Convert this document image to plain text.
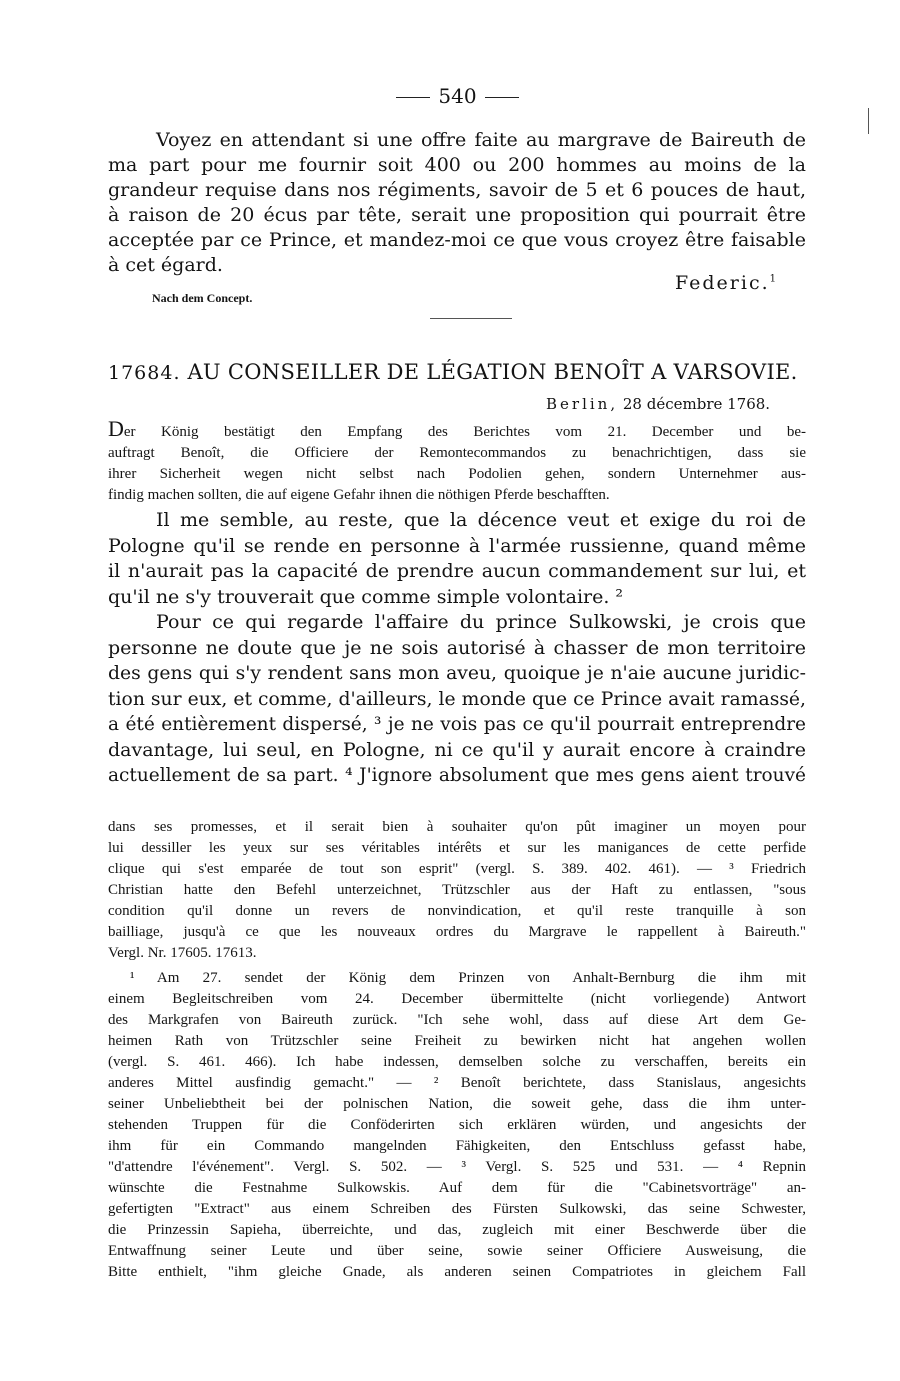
540
Voyez en attendant si une offre faite au margrave de Baireuth de
ma part pour me fournir soit 400 ou 200 hommes au moins de la
grandeur requise dans nos régiments, savoir de 5 et 6 pouces de haut,
à raison de 20 écus par tête, serait une proposition qui pourrait être
acceptée par ce Prince, et mandez-moi ce que vous croyez être faisable
à cet égard.
Federic.$^1$
Nach dem Concept.
17684. AU CONSEILLER DE LÉGATION BENOÎT A VARSOVIE.
Berlin, 28 décembre 1768.
Der König bestätigt den Empfang des Berichtes vom 21. December und be-
auftragt Benoît, die Officiere der Remontecommandos zu benachrichtigen, dass sie
ihrer Sicherheit wegen nicht selbst nach Podolien gehen, sondern Unternehmer aus-
findig machen sollten, die auf eigene Gefahr ihnen die nöthigen Pferde beschafften.
Il me semble, au reste, que la décence veut et exige du roi de
Pologne qu'il se rende en personne à l'armée russienne, quand même
il n'aurait pas la capacité de prendre aucun commandement sur lui, et
qu'il ne s'y trouverait que comme simple volontaire. ²
Pour ce qui regarde l'affaire du prince Sulkowski, je crois que
personne ne doute que je ne sois autorisé à chasser de mon territoire
des gens qui s'y rendent sans mon aveu, quoique je n'aie aucune juridic-
tion sur eux, et comme, d'ailleurs, le monde que ce Prince avait ramassé,
a été entièrement dispersé, ³ je ne vois pas ce qu'il pourrait entreprendre
davantage, lui seul, en Pologne, ni ce qu'il y aurait encore à craindre
actuellement de sa part. ⁴ J'ignore absolument que mes gens aient trouvé
dans ses promesses, et il serait bien à souhaiter qu'on pût imaginer un moyen pour
lui dessiller les yeux sur ses véritables intérêts et sur les manigances de cette perfide
clique qui s'est emparée de tout son esprit" (vergl. S. 389. 402. 461). — ³ Friedrich
Christian hatte den Befehl unterzeichnet, Trützschler aus der Haft zu entlassen, "sous
condition qu'il donne un revers de nonvindication, et qu'il reste tranquille à son
bailliage, jusqu'à ce que les nouveaux ordres du Margrave le rappellent à Baireuth."
Vergl. Nr. 17605. 17613.
¹ Am 27. sendet der König dem Prinzen von Anhalt-Bernburg die ihm mit
einem Begleitschreiben vom 24. December übermittelte (nicht vorliegende) Antwort
des Markgrafen von Baireuth zurück. "Ich sehe wohl, dass auf diese Art dem Ge-
heimen Rath von Trützschler seine Freiheit zu bewirken nicht hat angehen wollen
(vergl. S. 461. 466). Ich habe indessen, demselben solche zu verschaffen, bereits ein
anderes Mittel ausfindig gemacht." — ² Benoît berichtete, dass Stanislaus, angesichts
seiner Unbeliebtheit bei der polnischen Nation, die soweit gehe, dass die ihm unter-
stehenden Truppen für die Conföderirten sich erklären würden, und angesichts der
ihm für ein Commando mangelnden Fähigkeiten, den Entschluss gefasst habe,
"d'attendre l'événement". Vergl. S. 502. — ³ Vergl. S. 525 und 531. — ⁴ Repnin
wünschte die Festnahme Sulkowskis. Auf dem für die "Cabinetsvorträge" an-
gefertigten "Extract" aus einem Schreiben des Fürsten Sulkowski, das seine Schwester,
die Prinzessin Sapieha, überreichte, und das, zugleich mit einer Beschwerde über die
Entwaffnung seiner Leute und über seine, sowie seiner Officiere Ausweisung, die
Bitte enthielt, "ihm gleiche Gnade, als anderen seinen Compatriotes in gleichem Fall
